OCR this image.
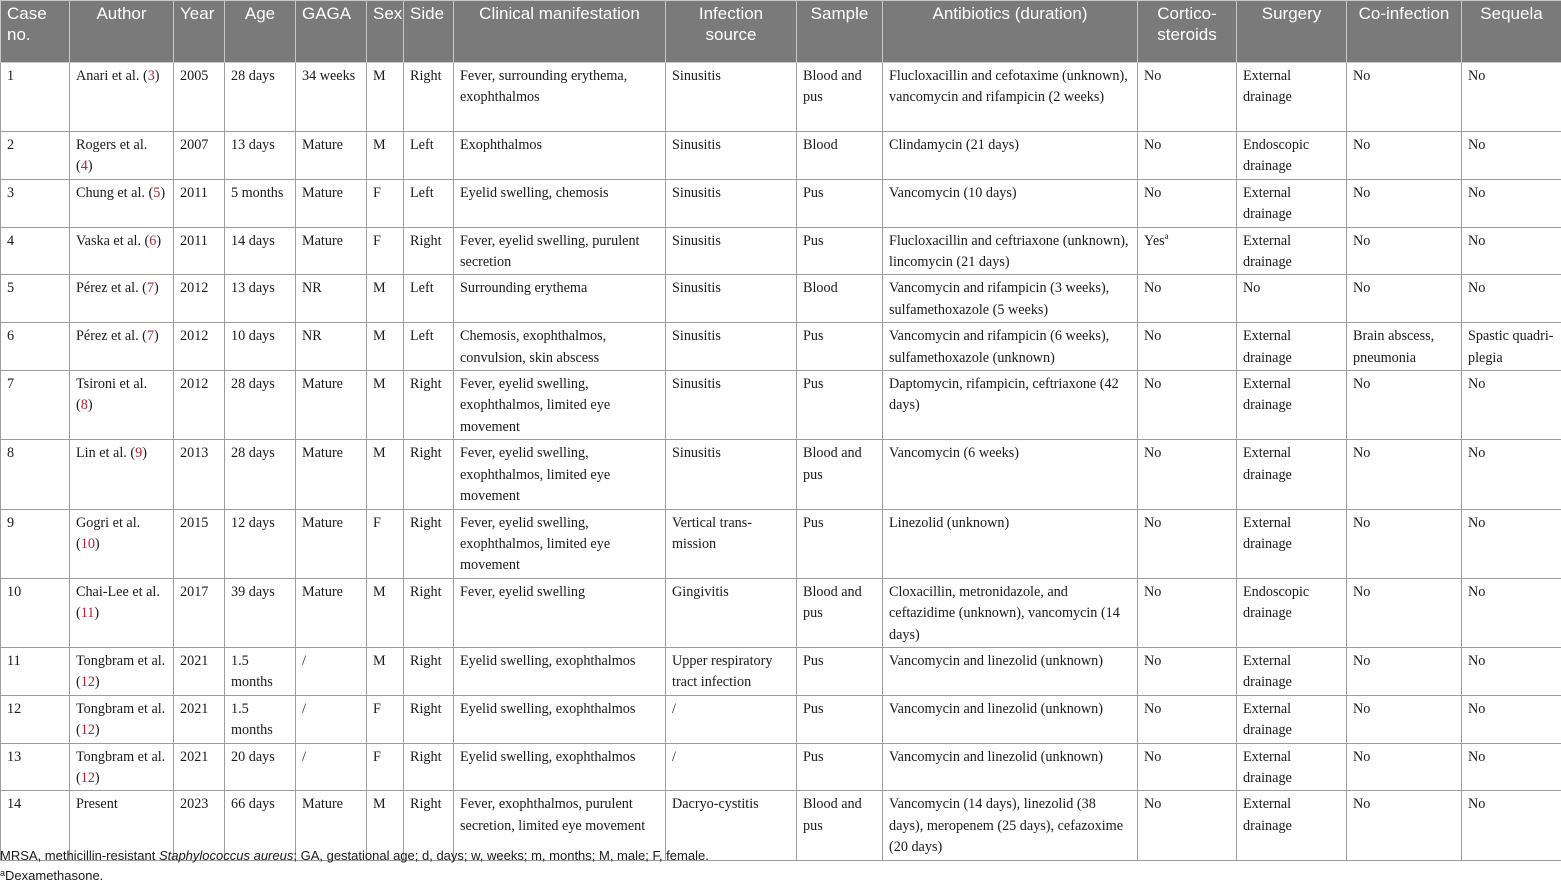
Case no.	Author	Year	Age	GAGA	Sex	Side	Clinical manifestation	Infection source	Sample	Antibiotics (duration)	Cortico-steroids	Surgery	Co-infection	Sequela
1	Anari et al. (3)	2005	28 days	34 weeks	M	Right	Fever, surrounding erythema, exophthalmos	Sinusitis	Blood and pus	Flucloxacillin and cefotaxime (unknown), vancomycin and rifampicin (2 weeks)	No	External drainage	No	No
2	Rogers et al. (4)	2007	13 days	Mature	M	Left	Exophthalmos	Sinusitis	Blood	Clindamycin (21 days)	No	Endoscopic drainage	No	No
3	Chung et al. (5)	2011	5 months	Mature	F	Left	Eyelid swelling, chemosis	Sinusitis	Pus	Vancomycin (10 days)	No	External drainage	No	No
4	Vaska et al. (6)	2011	14 days	Mature	F	Right	Fever, eyelid swelling, purulent secretion	Sinusitis	Pus	Flucloxacillin and ceftriaxone (unknown), lincomycin (21 days)	Yes$^a$	External drainage	No	No
5	Pérez et al. (7)	2012	13 days	NR	M	Left	Surrounding erythema	Sinusitis	Blood	Vancomycin and rifampicin (3 weeks), sulfamethoxazole (5 weeks)	No	No	No	No
6	Pérez et al. (7)	2012	10 days	NR	M	Left	Chemosis, exophthalmos, convulsion, skin abscess	Sinusitis	Pus	Vancomycin and rifampicin (6 weeks), sulfamethoxazole (unknown)	No	External drainage	Brain abscess, pneumonia	Spastic quadri-plegia
7	Tsironi et al. (8)	2012	28 days	Mature	M	Right	Fever, eyelid swelling, exophthalmos, limited eye movement	Sinusitis	Pus	Daptomycin, rifampicin, ceftriaxone (42 days)	No	External drainage	No	No
8	Lin et al. (9)	2013	28 days	Mature	M	Right	Fever, eyelid swelling, exophthalmos, limited eye movement	Sinusitis	Blood and pus	Vancomycin (6 weeks)	No	External drainage	No	No
9	Gogri et al. (10)	2015	12 days	Mature	F	Right	Fever, eyelid swelling, exophthalmos, limited eye movement	Vertical trans-mission	Pus	Linezolid (unknown)	No	External drainage	No	No
10	Chai-Lee et al. (11)	2017	39 days	Mature	M	Right	Fever, eyelid swelling	Gingivitis	Blood and pus	Cloxacillin, metronidazole, and ceftazidime (unknown), vancomycin (14 days)	No	Endoscopic drainage	No	No
11	Tongbram et al. (12)	2021	1.5 months	/	M	Right	Eyelid swelling, exophthalmos	Upper respiratory tract infection	Pus	Vancomycin and linezolid (unknown)	No	External drainage	No	No
12	Tongbram et al. (12)	2021	1.5 months	/	F	Right	Eyelid swelling, exophthalmos	/	Pus	Vancomycin and linezolid (unknown)	No	External drainage	No	No
13	Tongbram et al. (12)	2021	20 days	/	F	Right	Eyelid swelling, exophthalmos	/	Pus	Vancomycin and linezolid (unknown)	No	External drainage	No	No
14	Present	2023	66 days	Mature	M	Right	Fever, exophthalmos, purulent secretion, limited eye movement	Dacryo-cystitis	Blood and pus	Vancomycin (14 days), linezolid (38 days), meropenem (25 days), cefazoxime (20 days)	No	External drainage	No	No
MRSA, methicillin-resistant Staphylococcus aureus; GA, gestational age; d, days; w, weeks; m, months; M, male; F, female.
$^a$Dexamethasone.
